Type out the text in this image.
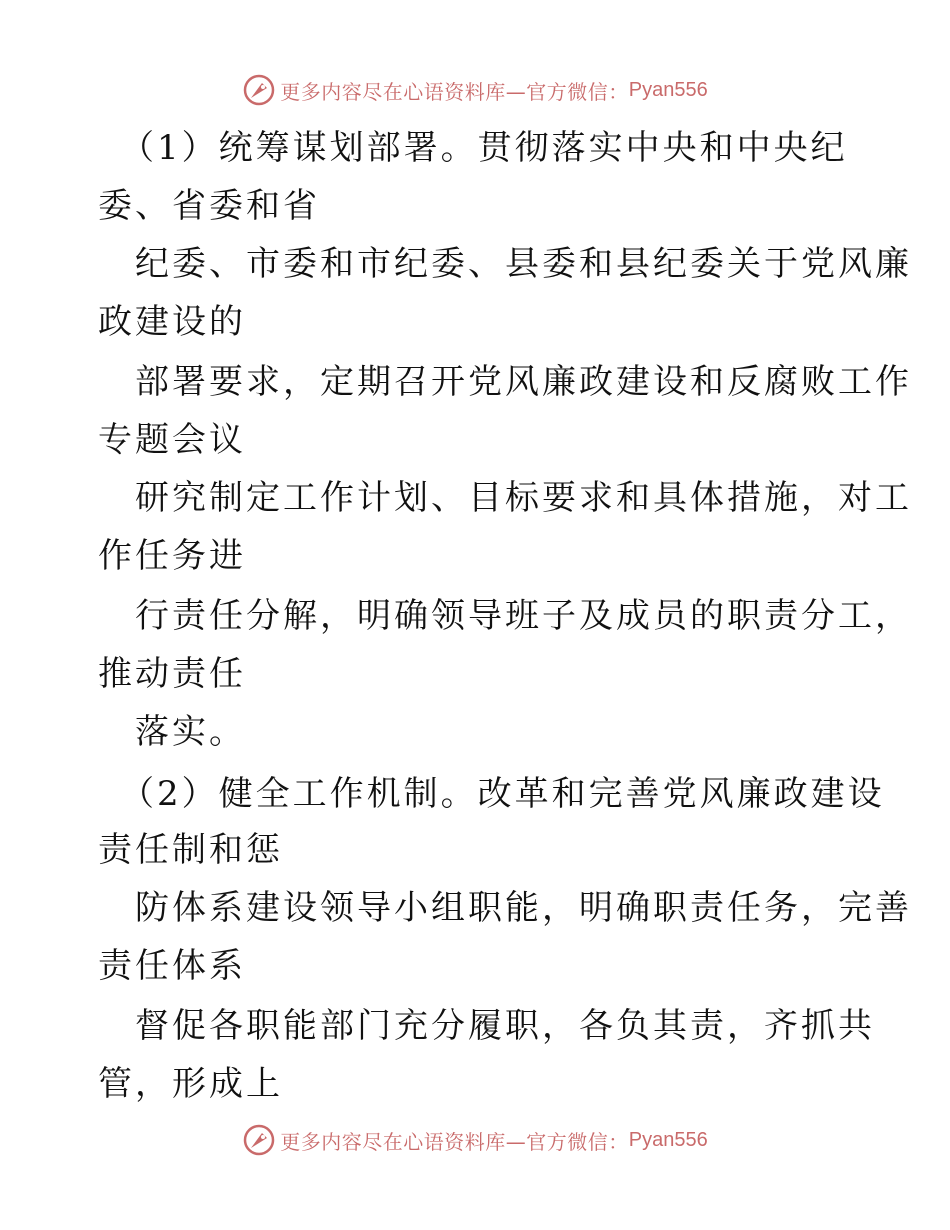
更多内容尽在心语资料库—官方微信： Pyan556
（1）统筹谋划部署。贯彻落实中央和中央纪
委、省委和省
纪委、市委和市纪委、县委和县纪委关于党风廉
政建设的
部署要求，定期召开党风廉政建设和反腐败工作
专题会议
研究制定工作计划、目标要求和具体措施，对工
作任务进
行责任分解，明确领导班子及成员的职责分工，
推动责任
落实。
（2）健全工作机制。改革和完善党风廉政建设
责任制和惩
防体系建设领导小组职能，明确职责任务，完善
责任体系
督促各职能部门充分履职，各负其责，齐抓共
管，形成上
更多内容尽在心语资料库—官方微信： Pyan556
